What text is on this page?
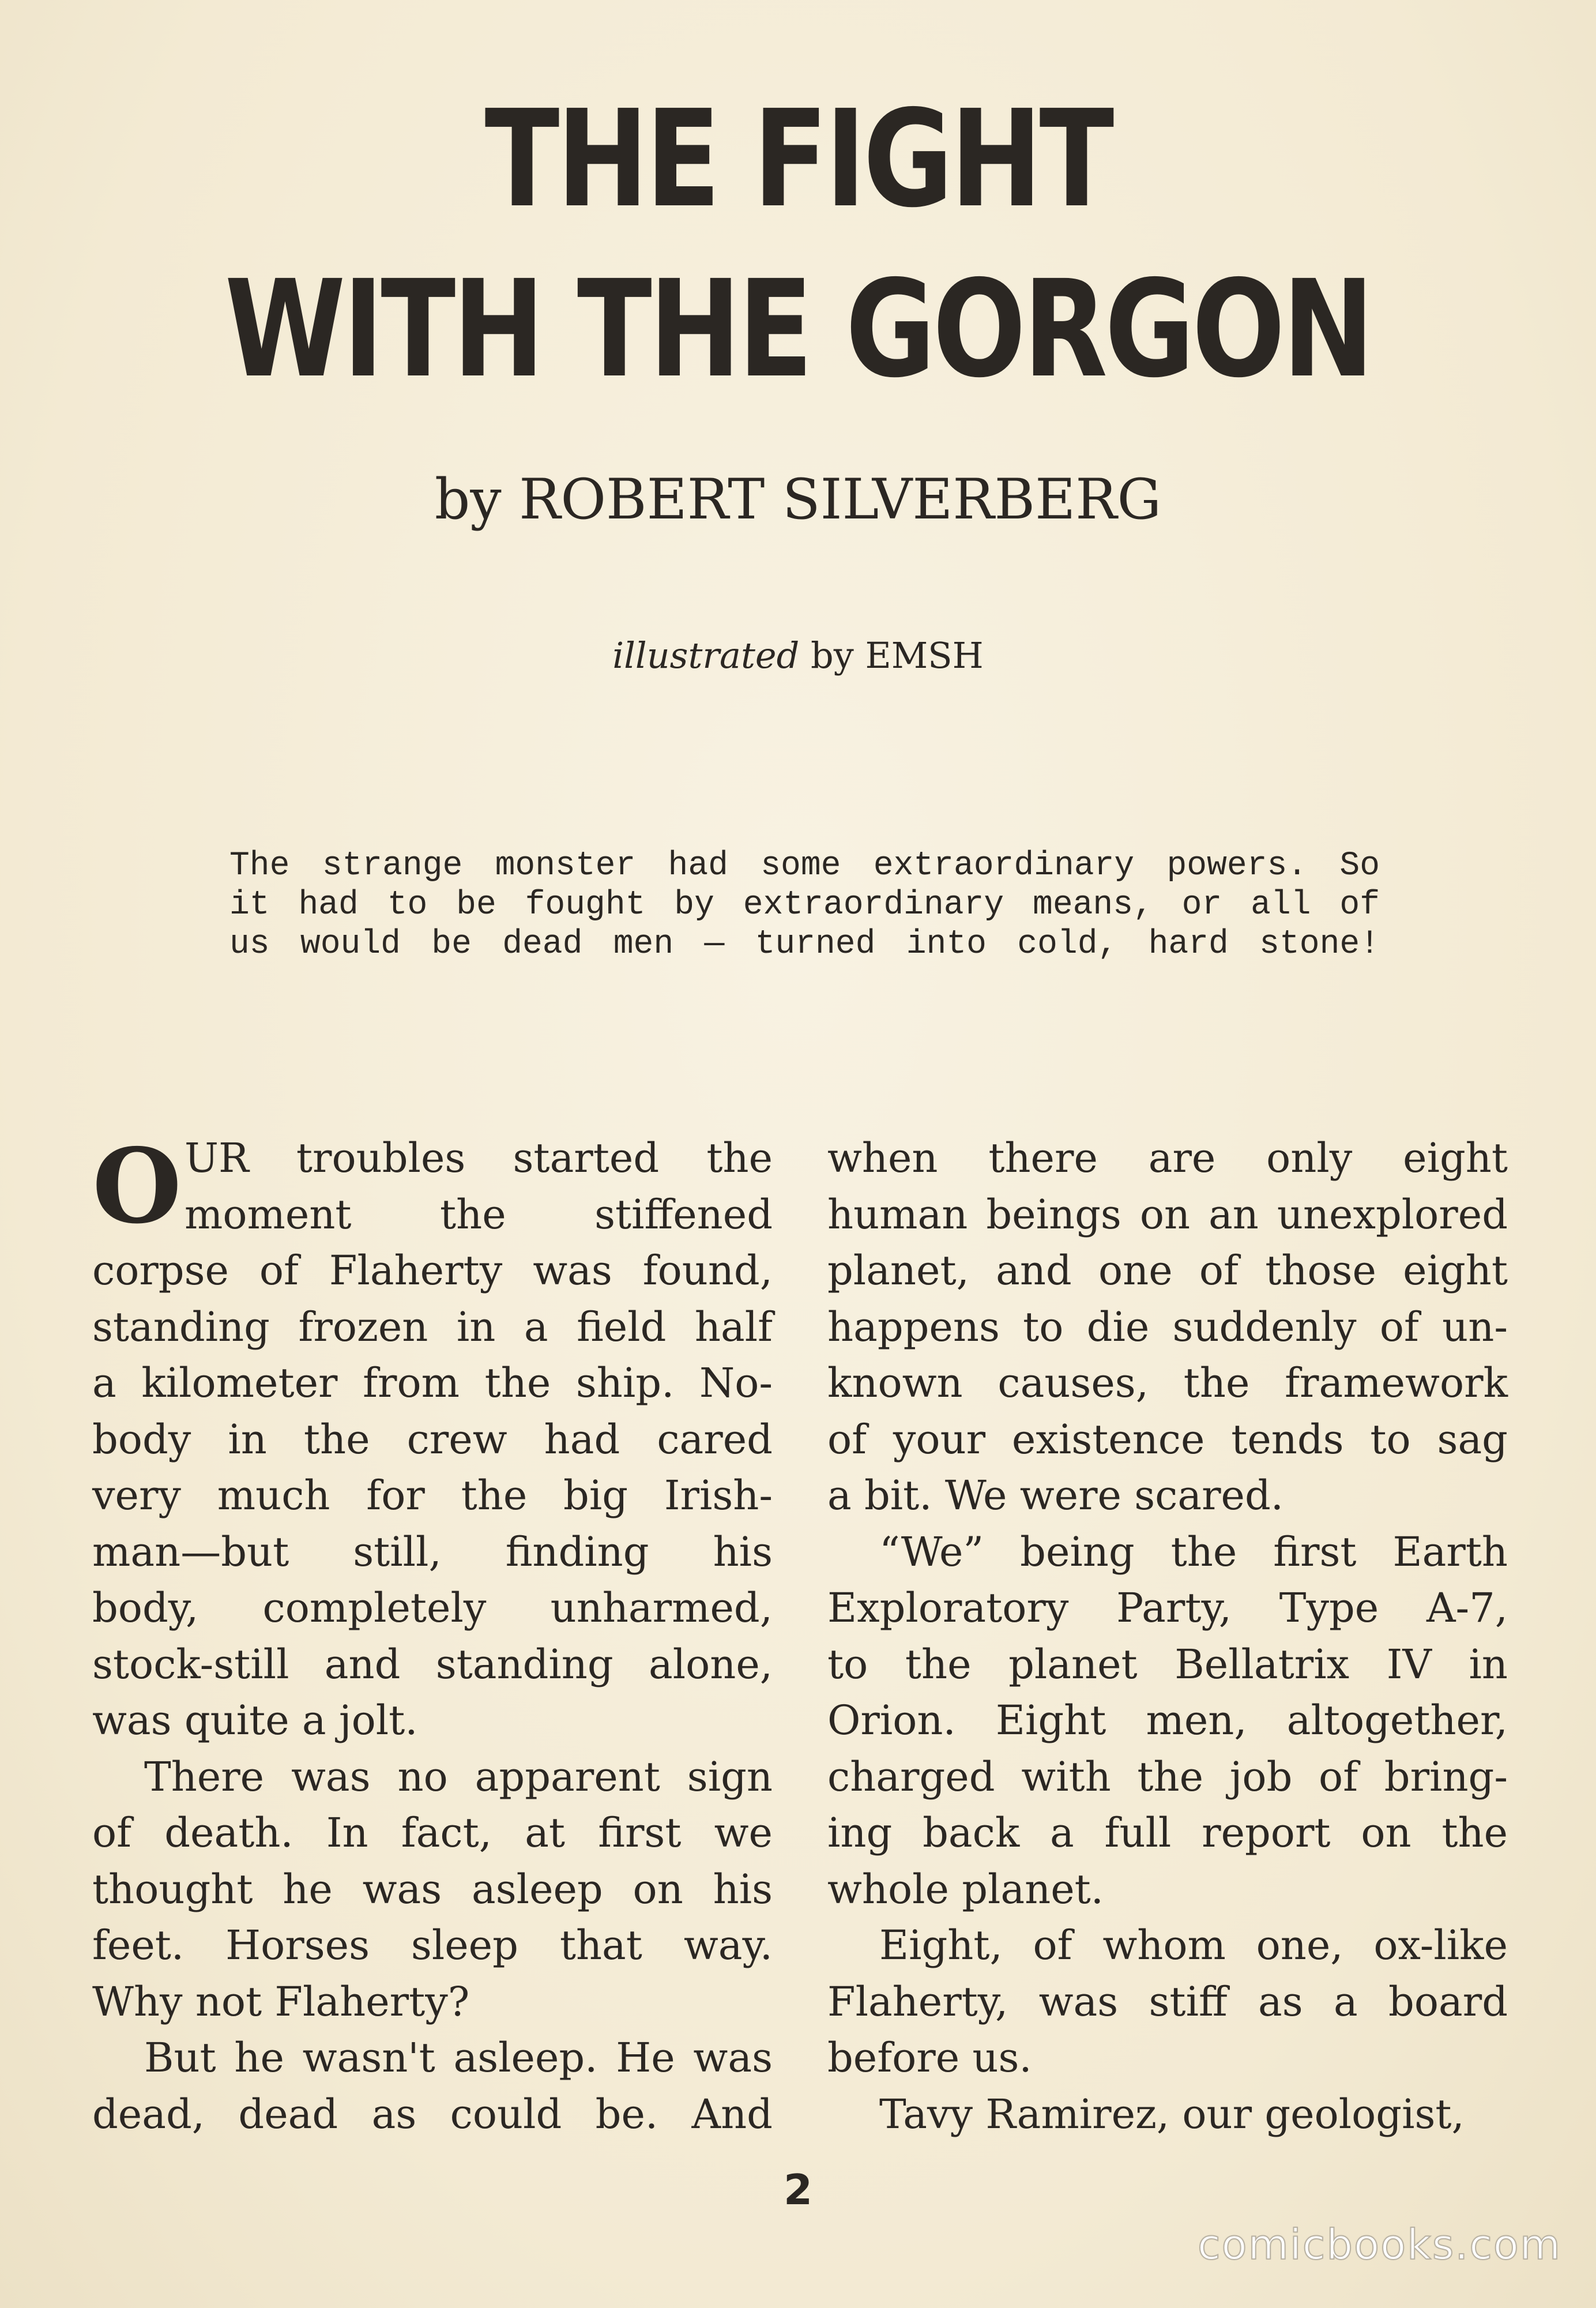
THE FIGHT
WITH THE GORGON
by ROBERT SILVERBERG
illustrated by EMSH
The strange monster had some extraordinary powers. So
it had to be fought by extraordinary means, or all of
us would be dead men — turned into cold, hard stone!
O UR troubles started the
moment the stiffened
corpse of Flaherty was found,
standing frozen in a field half
a kilometer from the ship. No-
body in the crew had cared
very much for the big Irish-
man—but still, finding his
body, completely unharmed,
stock-still and standing alone,
was quite a jolt.
There was no apparent sign
of death. In fact, at first we
thought he was asleep on his
feet. Horses sleep that way.
Why not Flaherty?
But he wasn't asleep. He was
dead, dead as could be. And
when there are only eight
human beings on an unexplored
planet, and one of those eight
happens to die suddenly of un-
known causes, the framework
of your existence tends to sag
a bit. We were scared.
“We” being the first Earth
Exploratory Party, Type A-7,
to the planet Bellatrix IV in
Orion. Eight men, altogether,
charged with the job of bring-
ing back a full report on the
whole planet.
Eight, of whom one, ox-like
Flaherty, was stiff as a board
before us.
Tavy Ramirez, our geologist,
2
comicbooks.com
